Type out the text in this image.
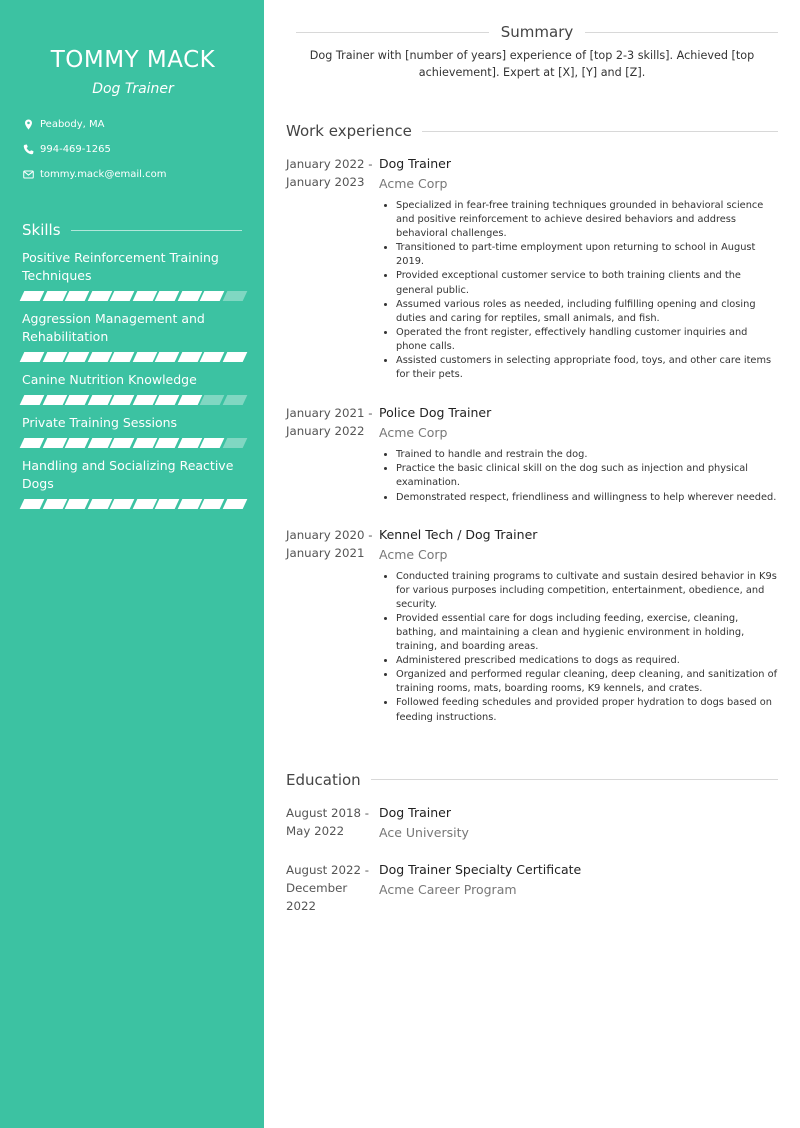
TOMMY MACK
Dog Trainer
Peabody, MA
994-469-1265
tommy.mack@email.com
Skills
Positive Reinforcement Training Techniques
Aggression Management and Rehabilitation
Canine Nutrition Knowledge
Private Training Sessions
Handling and Socializing Reactive Dogs
Summary

Dog Trainer with [number of years] experience of [top 2-3 skills]. Achieved [top achievement]. Expert at [X], [Y] and [Z].

Work experience
January 2022 -
January 2023
Dog Trainer
Acme Corp
• Specialized in fear-free training techniques grounded in behavioral science and positive reinforcement to achieve desired behaviors and address behavioral challenges.
• Transitioned to part-time employment upon returning to school in August 2019.
• Provided exceptional customer service to both training clients and the general public.
• Assumed various roles as needed, including fulfilling opening and closing duties and caring for reptiles, small animals, and fish.
• Operated the front register, effectively handling customer inquiries and phone calls.
• Assisted customers in selecting appropriate food, toys, and other care items for their pets.
January 2021 -
January 2022
Police Dog Trainer
Acme Corp
• Trained to handle and restrain the dog.
• Practice the basic clinical skill on the dog such as injection and physical examination.
• Demonstrated respect, friendliness and willingness to help wherever needed.
January 2020 -
January 2021
Kennel Tech / Dog Trainer
Acme Corp
• Conducted training programs to cultivate and sustain desired behavior in K9s for various purposes including competition, entertainment, obedience, and security.
• Provided essential care for dogs including feeding, exercise, cleaning, bathing, and maintaining a clean and hygienic environment in holding, training, and boarding areas.
• Administered prescribed medications to dogs as required.
• Organized and performed regular cleaning, deep cleaning, and sanitization of training rooms, mats, boarding rooms, K9 kennels, and crates.
• Followed feeding schedules and provided proper hydration to dogs based on feeding instructions.
Education
August 2018 -
May 2022
Dog Trainer
Ace University
August 2022 -
December 2022
Dog Trainer Specialty Certificate
Acme Career Program
